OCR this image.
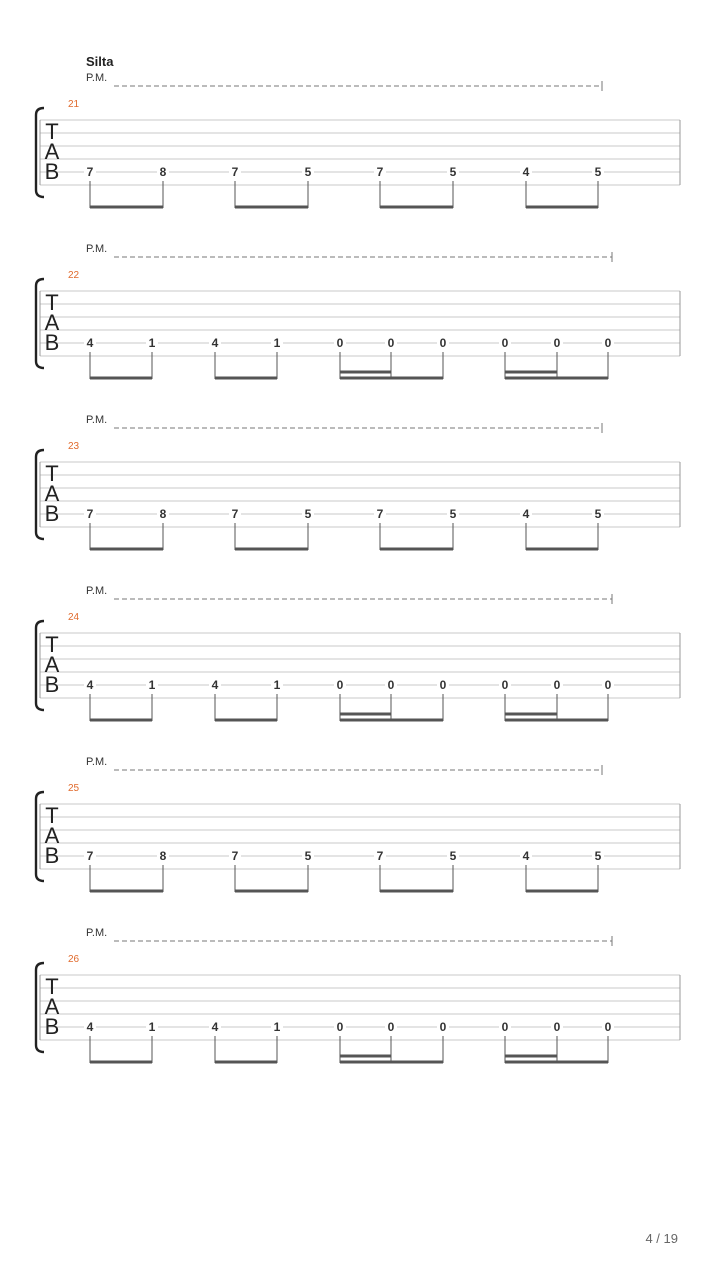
Silta
P.M.
21
T
A
B 7	8	7	5	7	5	4	5
P.M.
22
T
A
B 4	1	4	1	0	0	0	0	0	0
P.M.
23
T
A
B 7	8	7	5	7	5	4	5
P.M.
24
T
A
B 4	1	4	1	0	0	0	0	0	0
P.M.
25
T
A
B 7	8	7	5	7	5	4	5
P.M.
26
T
A
B 4	1	4	1	0	0	0	0	0	0
4 / 19
